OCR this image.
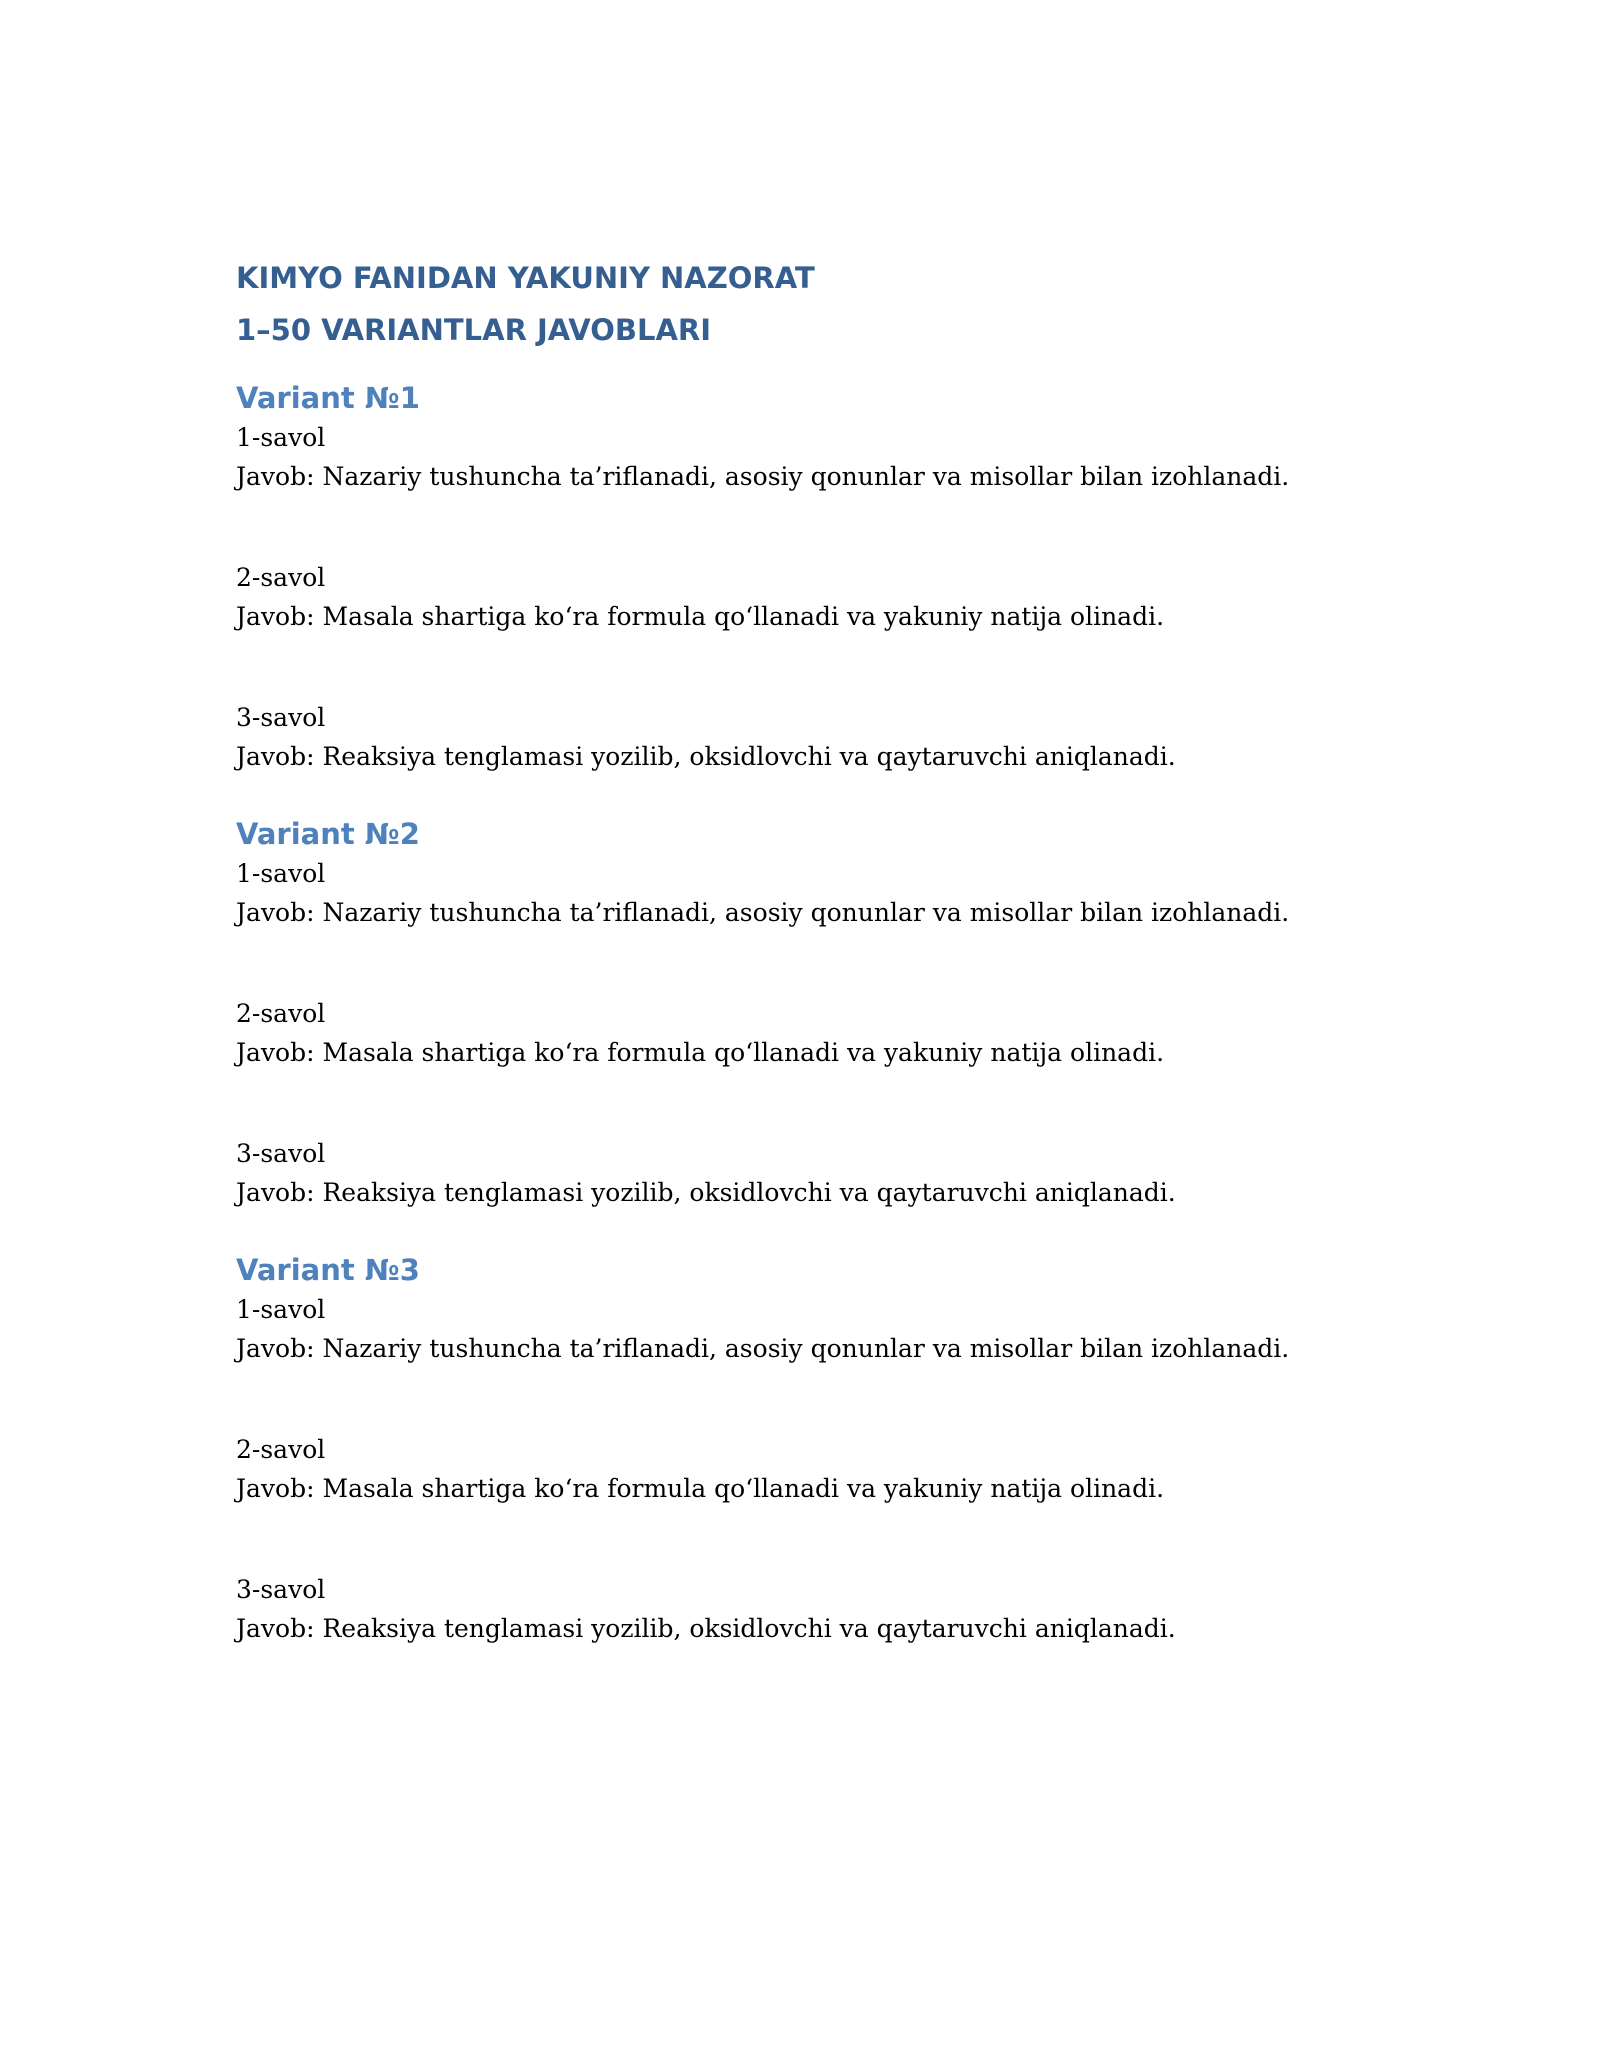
KIMYO FANIDAN YAKUNIY NAZORAT

1–50 VARIANTLAR JAVOBLARI

Variant №1

1-savol

Javob: Nazariy tushuncha ta’riflanadi, asosiy qonunlar va misollar bilan izohlanadi.

2-savol

Javob: Masala shartiga ko‘ra formula qo‘llanadi va yakuniy natija olinadi.

3-savol

Javob: Reaksiya tenglamasi yozilib, oksidlovchi va qaytaruvchi aniqlanadi.

Variant №2

1-savol

Javob: Nazariy tushuncha ta’riflanadi, asosiy qonunlar va misollar bilan izohlanadi.

2-savol

Javob: Masala shartiga ko‘ra formula qo‘llanadi va yakuniy natija olinadi.

3-savol

Javob: Reaksiya tenglamasi yozilib, oksidlovchi va qaytaruvchi aniqlanadi.

Variant №3

1-savol

Javob: Nazariy tushuncha ta’riflanadi, asosiy qonunlar va misollar bilan izohlanadi.

2-savol

Javob: Masala shartiga ko‘ra formula qo‘llanadi va yakuniy natija olinadi.

3-savol

Javob: Reaksiya tenglamasi yozilib, oksidlovchi va qaytaruvchi aniqlanadi.
